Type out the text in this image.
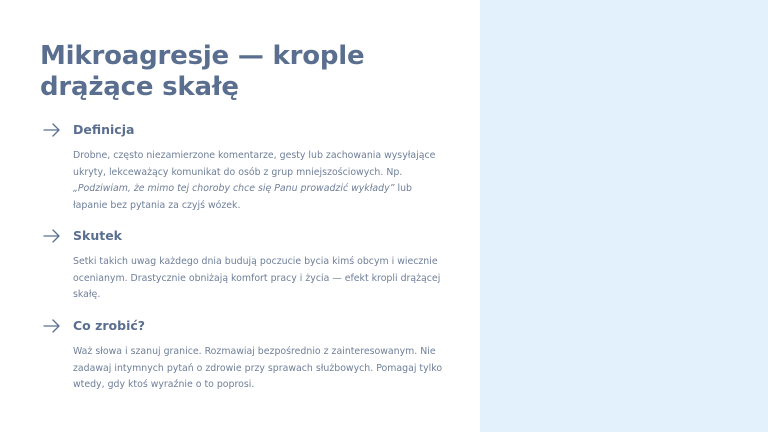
Mikroagresje — krople drążące skałę
Definicja
Drobne, często niezamierzone komentarze, gesty lub zachowania wysyłające ukryty, lekceważący komunikat do osób z grup mniejszościowych. Np. „Podziwiam, że mimo tej choroby chce się Panu prowadzić wykłady” lub łapanie bez pytania za czyjś wózek.
Skutek
Setki takich uwag każdego dnia budują poczucie bycia kimś obcym i wiecznie ocenianym. Drastycznie obniżają komfort pracy i życia — efekt kropli drążącej skałę.
Co zrobić?
Waż słowa i szanuj granice. Rozmawiaj bezpośrednio z zainteresowanym. Nie zadawaj intymnych pytań o zdrowie przy sprawach służbowych. Pomagaj tylko wtedy, gdy ktoś wyraźnie o to poprosi.
